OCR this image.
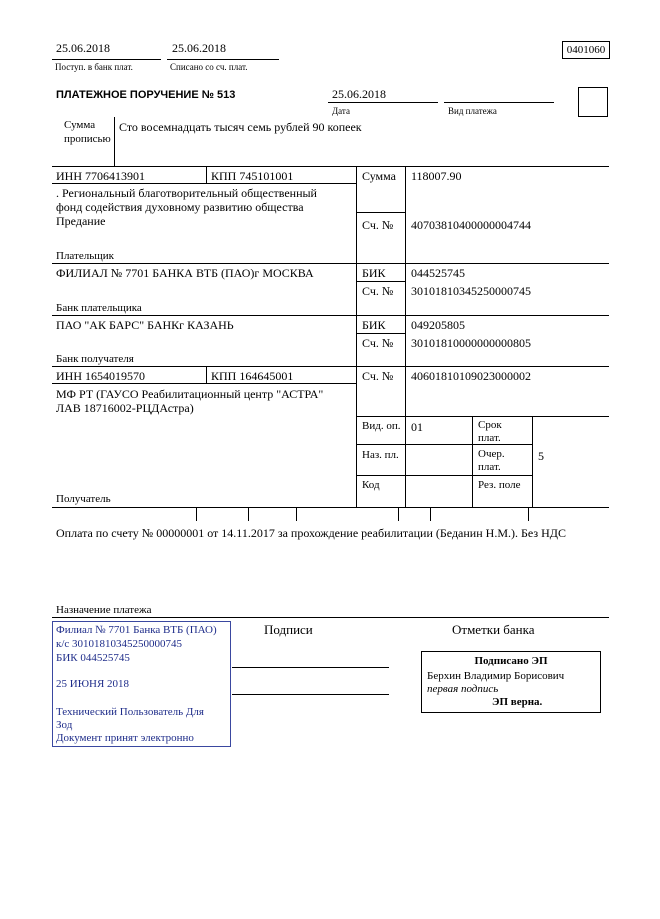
25.06.2018
Поступ. в банк плат.
25.06.2018
Списано со сч. плат.
0401060
ПЛАТЕЖНОЕ ПОРУЧЕНИЕ № 513	25.06.2018
Дата	Вид платежа
Сумма
прописью
Сто восемнадцать тысяч семь рублей 90 копеек
ИНН 7706413901	КПП 745101001	Сумма 118007.90
. Региональный благотворительный общественный
фонд содействия духовному развитию общества
Предание	Сч. № 40703810400000004744
Плательщик
ФИЛИАЛ № 7701 БАНКА ВТБ (ПАО)г МОСКВА	БИК 044525745
Сч. № 30101810345250000745
Банк плательщика
ПАО "АК БАРС" БАНКг КАЗАНЬ	БИК 049205805
Сч. № 30101810000000000805
Банк получателя
ИНН 1654019570	КПП 164645001	Сч. № 40601810109023000002
МФ РТ (ГАУСО Реабилитационный центр "АСТРА"
ЛАВ 18716002-РЦДАстра)
Вид. оп. 01	Срок
плат.
Наз. пл.	Очер.
плат.
5
Код	Рез. поле
Получатель
Оплата по счету № 00000001 от 14.11.2017 за прохождение реабилитации (Беданин Н.М.). Без НДС
Назначение платежа
Филиал № 7701 Банка ВТБ (ПАО)
к/с 30101810345250000745
БИК 044525745
25 ИЮНЯ 2018
Технический Пользователь Для
Зод
Документ принят электронно
Подписи	Отметки банка
Подписано ЭП
Берхин Владимир Борисович
первая подпись
ЭП верна.
